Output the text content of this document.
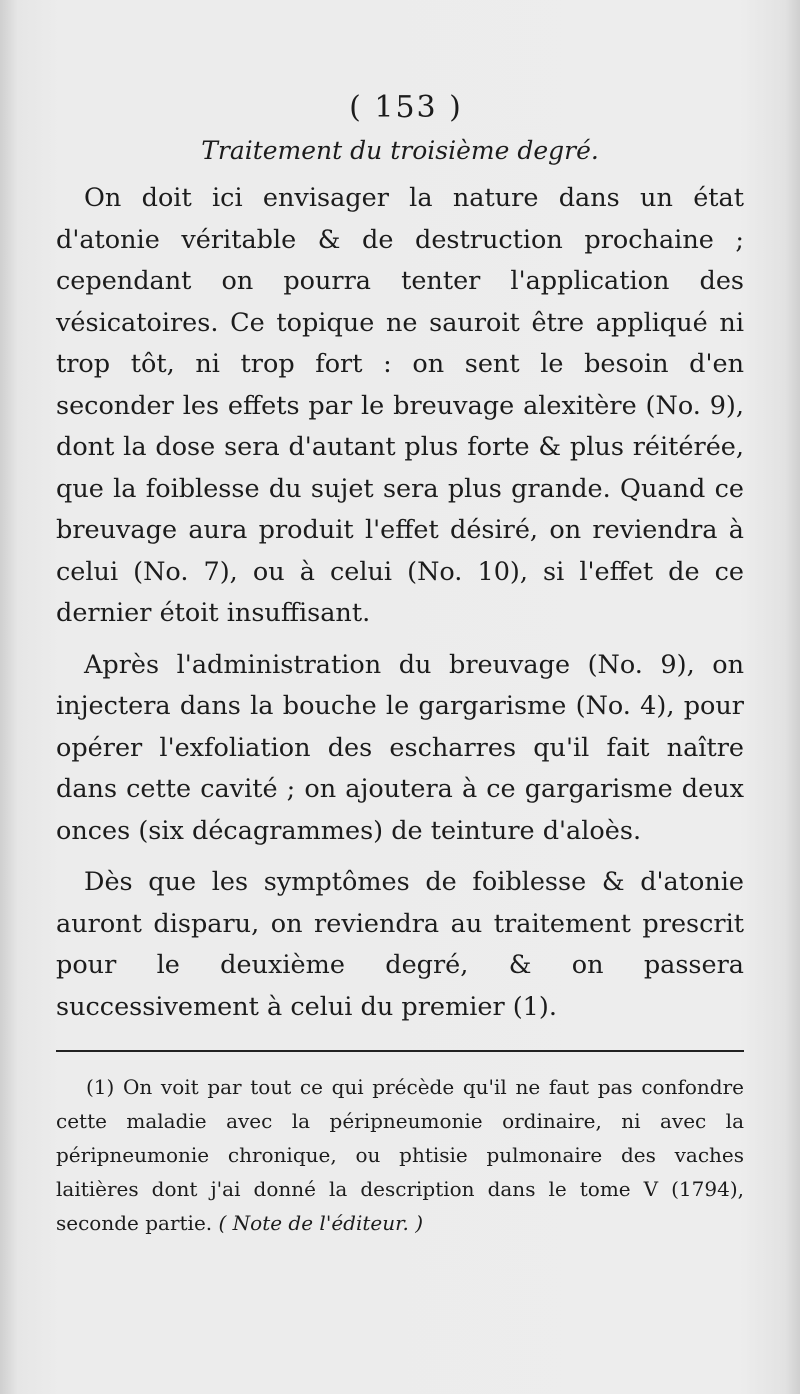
( 153 )
Traitement du troisième degré.

On doit ici envisager la nature dans un état d'atonie véritable & de destruction prochaine ; cependant on pourra tenter l'application des vésicatoires. Ce topique ne sauroit être appliqué ni trop tôt, ni trop fort : on sent le besoin d'en seconder les effets par le breuvage alexitère (No. 9), dont la dose sera d'autant plus forte & plus réitérée, que la foiblesse du sujet sera plus grande. Quand ce breuvage aura produit l'effet désiré, on reviendra à celui (No. 7), ou à celui (No. 10), si l'effet de ce dernier étoit insuffisant.

Après l'administration du breuvage (No. 9), on injectera dans la bouche le gargarisme (No. 4), pour opérer l'exfoliation des escharres qu'il fait naître dans cette cavité ; on ajoutera à ce gargarisme deux onces (six décagrammes) de teinture d'aloès.

Dès que les symptômes de foiblesse & d'atonie auront disparu, on reviendra au traitement prescrit pour le deuxième degré, & on passera successivement à celui du premier (1).

(1) On voit par tout ce qui précède qu'il ne faut pas confondre cette maladie avec la péripneumonie ordinaire, ni avec la péripneumonie chronique, ou phtisie pulmonaire des vaches laitières dont j'ai donné la description dans le tome V (1794), seconde partie. ( Note de l'éditeur. )
